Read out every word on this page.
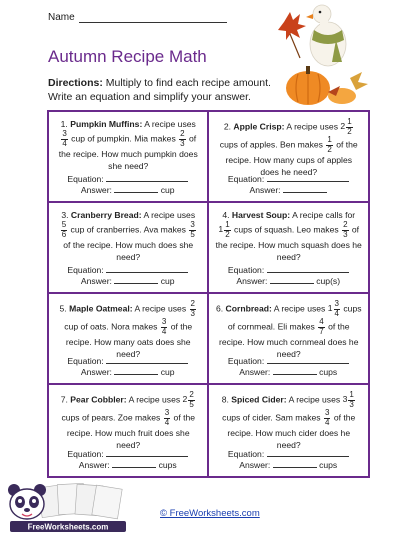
Name
Autumn Recipe Math
Directions: Multiply to find each recipe amount.
Write an equation and simplify your answer.
1. Pumpkin Muffins: A recipe uses
$\frac{3}{4}$ cup of pumpkin. Mia makes $\frac{2}{3}$ of the recipe. How much pumpkin does she need?
Equation:
Answer:	cup
2. Apple Crisp: A recipe uses $2 \frac{1}{2}$
cups of apples. Ben makes $\frac{1}{2}$ of the recipe. How many cups of apples does he need?
Equation:
Answer:
3. Cranberry Bread: A recipe uses
$\frac{5}{6}$ cup of cranberries. Ava makes $\frac{3}{5}$
of the recipe. How much does she need?
Equation:
Answer:	cup
4. Harvest Soup: A recipe calls for $1 \frac{1}{2}$ cups of squash. Leo makes $\frac{2}{3}$ of the recipe. How much squash does he need?
Equation:
Answer:	cup(s)
5. Maple Oatmeal: A recipe uses $\frac{2}{3}$
cup of oats. Nora makes $\frac{3}{4}$ of the recipe. How many oats does she need?
Equation:
Answer:	cup
6. Cornbread: A recipe uses $1 \frac{3}{4}$ cups of cornmeal. Eli makes $\frac{4}{7}$ of the recipe. How much cornmeal does he need?
Equation:
Answer:	cups
7. Pear Cobbler: A recipe uses $2 \frac{2}{5}$
cups of pears. Zoe makes $\frac{3}{4}$ of the recipe. How much fruit does she need?
Equation:
Answer:	cups
8. Spiced Cider: A recipe uses $3 \frac{1}{3}$
cups of cider. Sam makes $\frac{3}{4}$ of the recipe. How much cider does he need?
Equation:
Answer:	cups
FreeWorksheets.com
© FreeWorksheets.com
